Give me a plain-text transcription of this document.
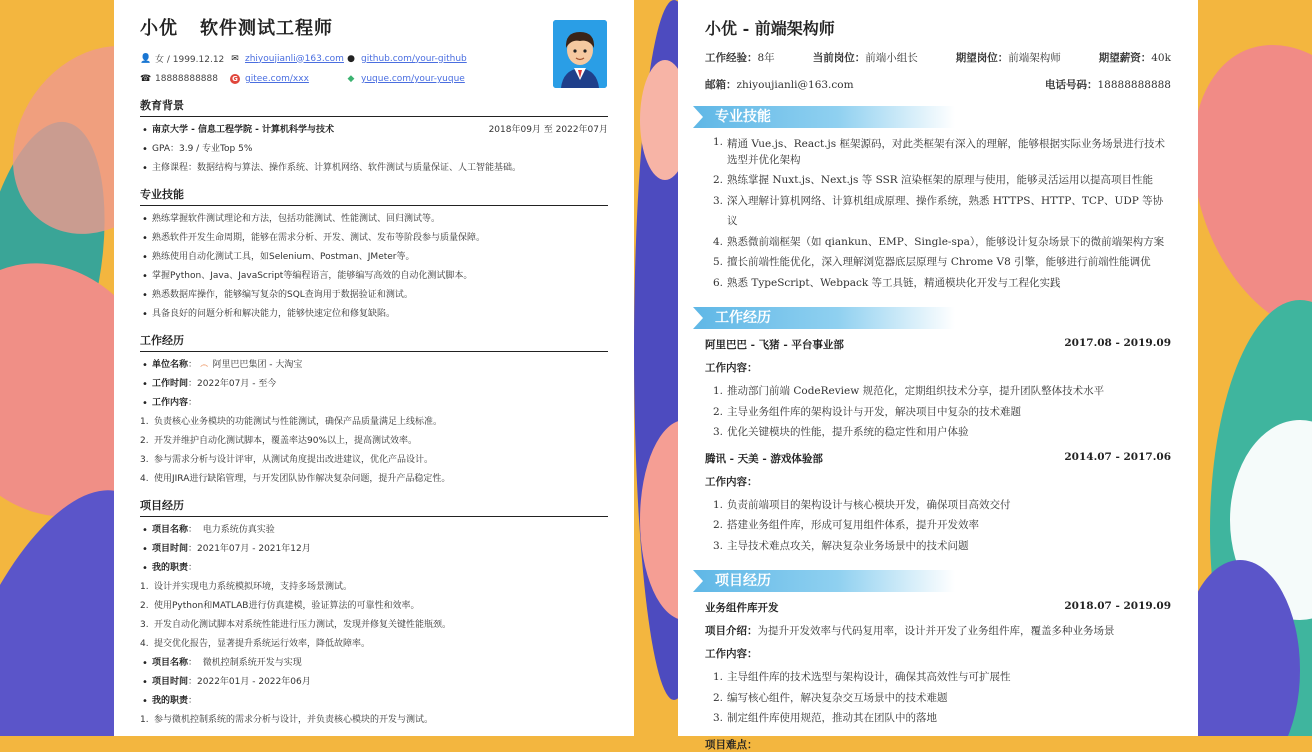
小优 软件测试工程师
👤 女 / 1999.12.12 ✉ zhiyoujianli@163.com ● github.com/your-github
☎ 18888888888	G gitee.com/xxx	◆ yuque.com/your-yuque
教育背景
• 南京大学 - 信息工程学院 - 计算机科学与技术	2018年09月 至 2022年07月
• GPA：3.9 / 专业Top 5%
• 主修课程：数据结构与算法、操作系统、计算机网络、软件测试与质量保证、人工智能基础。
专业技能
• 熟练掌握软件测试理论和方法，包括功能测试、性能测试、回归测试等。
• 熟悉软件开发生命周期，能够在需求分析、开发、测试、发布等阶段参与质量保障。
• 熟练使用自动化测试工具，如Selenium、Postman、JMeter等。
• 掌握Python、Java、JavaScript等编程语言，能够编写高效的自动化测试脚本。
• 熟悉数据库操作，能够编写复杂的SQL查询用于数据验证和测试。
• 具备良好的问题分析和解决能力，能够快速定位和修复缺陷。
工作经历
• 单位名称： ෴ 阿里巴巴集团 - 大淘宝
• 工作时间：2022年07月 - 至今
• 工作内容：
1. 负责核心业务模块的功能测试与性能测试，确保产品质量满足上线标准。
2. 开发并维护自动化测试脚本，覆盖率达90%以上，提高测试效率。
3. 参与需求分析与设计评审，从测试角度提出改进建议，优化产品设计。
4. 使用JIRA进行缺陷管理，与开发团队协作解决复杂问题，提升产品稳定性。
项目经历
• 项目名称：  电力系统仿真实验
• 项目时间：2021年07月 - 2021年12月
• 我的职责：
1. 设计并实现电力系统模拟环境，支持多场景测试。
2. 使用Python和MATLAB进行仿真建模，验证算法的可靠性和效率。
3. 开发自动化测试脚本对系统性能进行压力测试，发现并修复关键性能瓶颈。
4. 提交优化报告，显著提升系统运行效率，降低故障率。
• 项目名称：  微机控制系统开发与实现
• 项目时间：2022年01月 - 2022年06月
• 我的职责：
1. 参与微机控制系统的需求分析与设计，并负责核心模块的开发与测试。
小优 - 前端架构师
工作经验：8年	当前岗位：前端小组长	期望岗位：前端架构师	期望薪资：40k
邮箱：zhiyoujianli@163.com	电话号码：18888888888
专业技能
1. 精通 Vue.js、React.js 框架源码，对此类框架有深入的理解，能够根据实际业务场景进行技术选型并优化架构
2. 熟练掌握 Nuxt.js、Next.js 等 SSR 渲染框架的原理与使用，能够灵活运用以提高项目性能
3. 深入理解计算机网络、计算机组成原理、操作系统，熟悉 HTTPS、HTTP、TCP、UDP 等协议
4. 熟悉微前端框架（如 qiankun、EMP、Single-spa），能够设计复杂场景下的微前端架构方案
5. 擅长前端性能优化，深入理解浏览器底层原理与 Chrome V8 引擎，能够进行前端性能调优
6. 熟悉 TypeScript、Webpack 等工具链，精通模块化开发与工程化实践
工作经历
阿里巴巴 - 飞猪 - 平台事业部	2017.08 - 2019.09
工作内容：
1. 推动部门前端 CodeReview 规范化，定期组织技术分享，提升团队整体技术水平
2. 主导业务组件库的架构设计与开发，解决项目中复杂的技术难题
3. 优化关键模块的性能，提升系统的稳定性和用户体验
腾讯 - 天美 - 游戏体验部	2014.07 - 2017.06
工作内容：
1. 负责前端项目的架构设计与核心模块开发，确保项目高效交付
2. 搭建业务组件库，形成可复用组件体系，提升开发效率
3. 主导技术难点攻关，解决复杂业务场景中的技术问题
项目经历
业务组件库开发	2018.07 - 2019.09
项目介绍：为提升开发效率与代码复用率，设计并开发了业务组件库，覆盖多种业务场景
工作内容：
1. 主导组件库的技术选型与架构设计，确保其高效性与可扩展性
2. 编写核心组件，解决复杂交互场景中的技术难题
3. 制定组件库使用规范，推动其在团队中的落地
项目难点：
